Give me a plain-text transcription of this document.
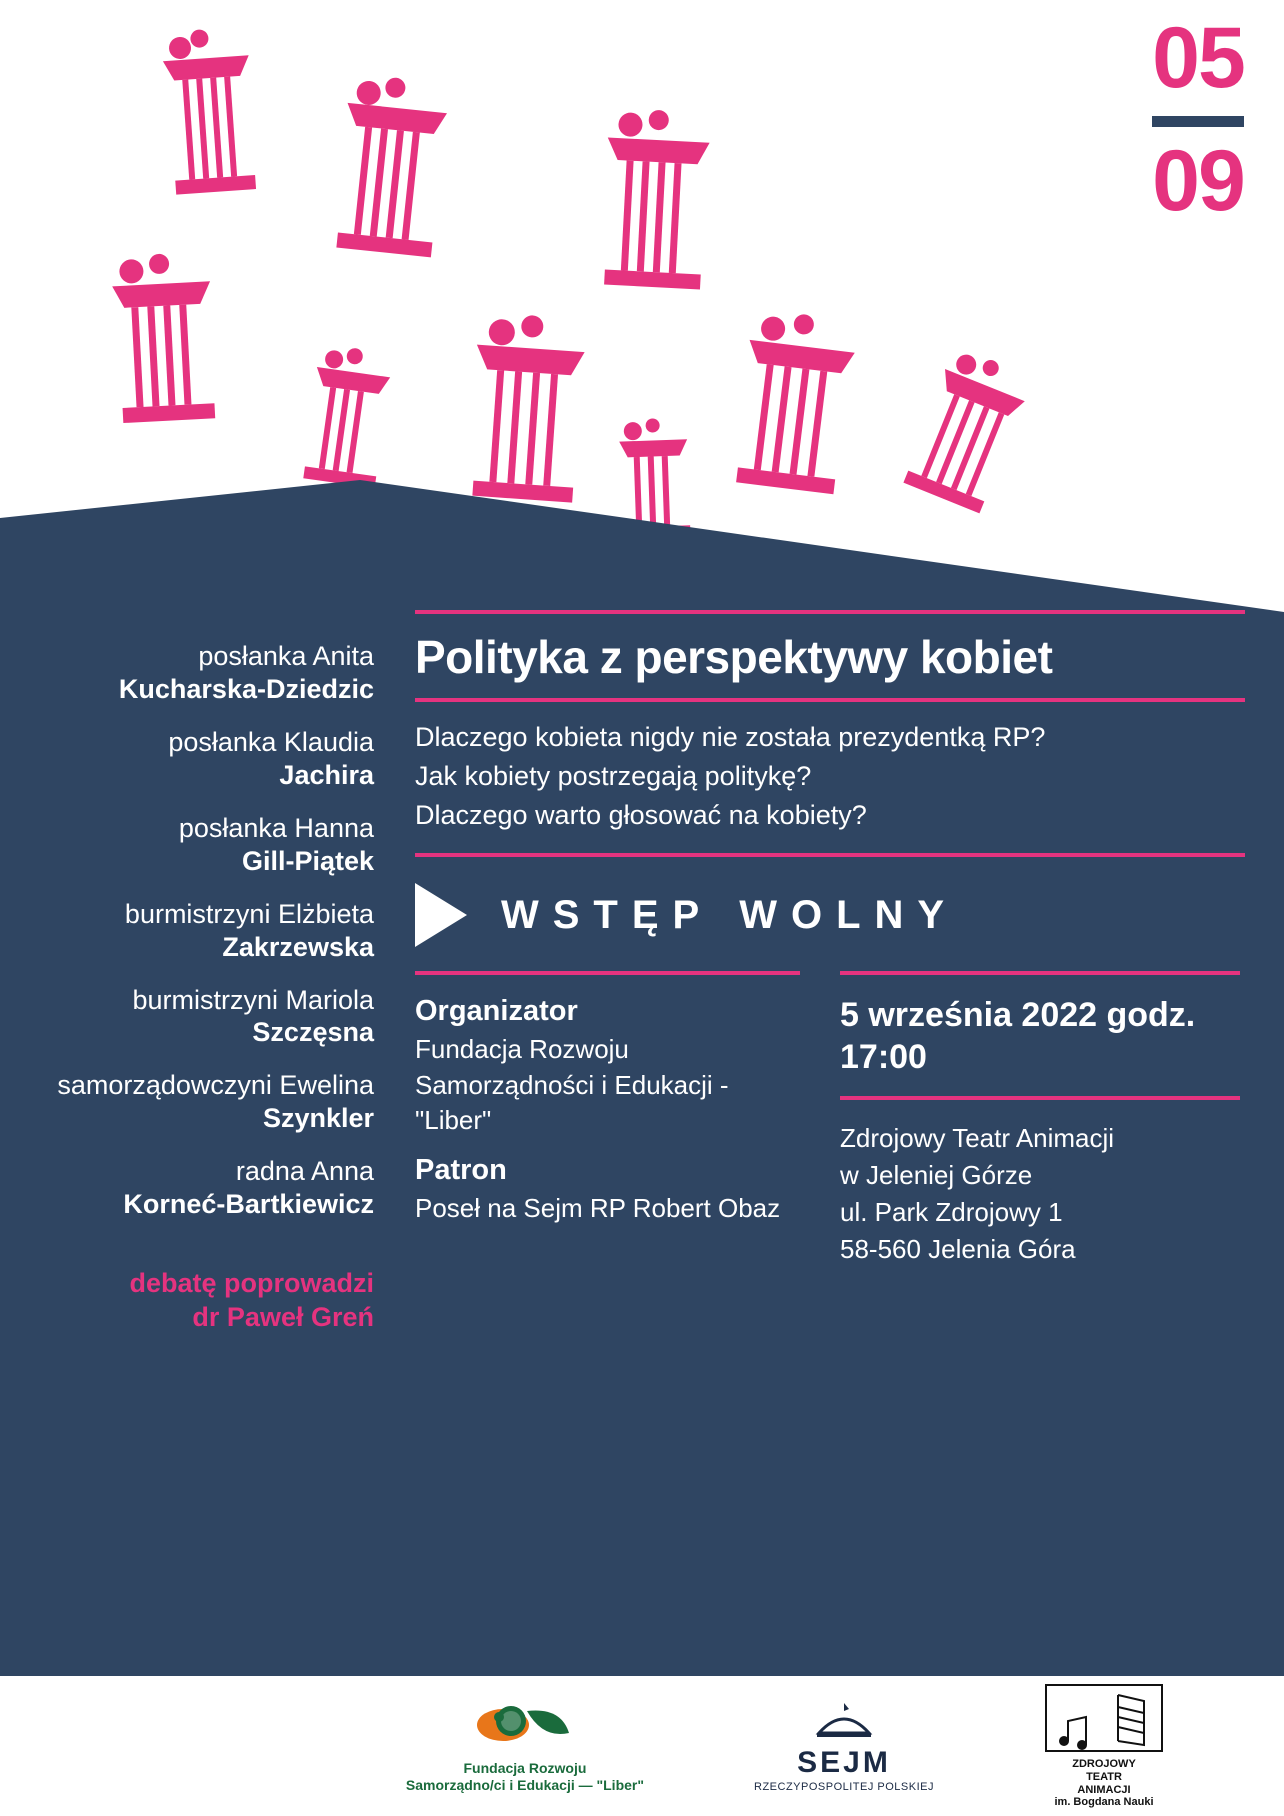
05
09
posłanka Anita
Kucharska-Dziedzic
posłanka Klaudia
Jachira
posłanka Hanna
Gill-Piątek
burmistrzyni Elżbieta
Zakrzewska
burmistrzyni Mariola
Szczęsna
samorządowczyni Ewelina
Szynkler
radna Anna
Korneć-Bartkiewicz
debatę poprowadzi
dr Paweł Greń
debata
Polityka z perspektywy kobiet
Dlaczego kobieta nigdy nie została prezydentką RP?
Jak kobiety postrzegają politykę?
Dlaczego warto głosować na kobiety?
WSTĘP WOLNY
Organizator

Fundacja Rozwoju Samorządności i Edukacji - "Liber"

Patron

Poseł na Sejm RP Robert Obaz

5 września 2022 godz. 17:00
Zdrojowy Teatr Animacji
w Jeleniej Górze
ul. Park Zdrojowy 1
58-560 Jelenia Góra
Fundacja Rozwoju
Samorządno/ci i Edukacji — "Liber"
SEJM
RZECZYPOSPOLITEJ POLSKIEJ
ZDROJOWY
TEATR
ANIMACJI
im. Bogdana Nauki
